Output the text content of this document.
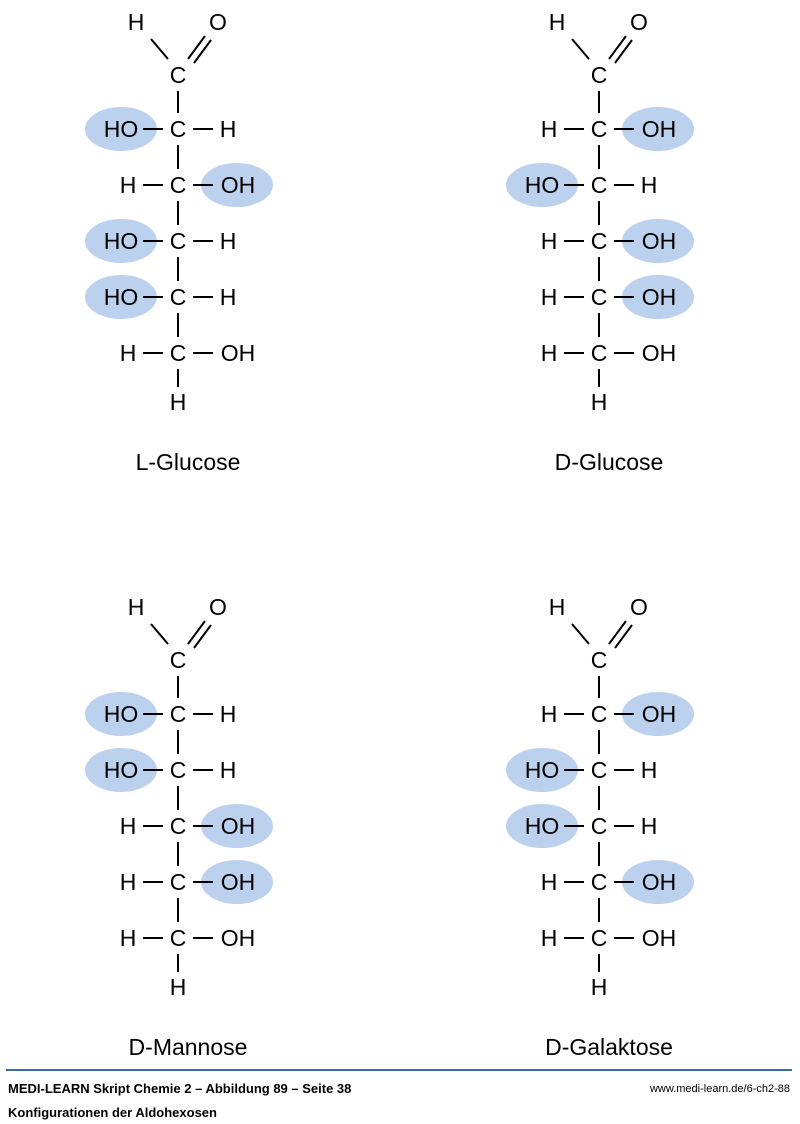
H	O
C
C
HO	H
C
H	OH
C
HO	H
C
HO	H
C
H	OH
H
L-Glucose
H	O
C
C
H	OH
C
HO	H
C
H	OH
C
H	OH
C
H	OH
H
D-Glucose
H	O
C
C
HO	H
C
HO	H
C
H	OH
C
H	OH
C
H	OH
H
D-Mannose
H	O
C
C
H	OH
C
HO	H
C
HO	H
C
H	OH
C
H	OH
H
D-Galaktose
MEDI-LEARN Skript Chemie 2 – Abbildung 89 – Seite 38	www.medi-learn.de/6-ch2-88
Konfigurationen der Aldohexosen
